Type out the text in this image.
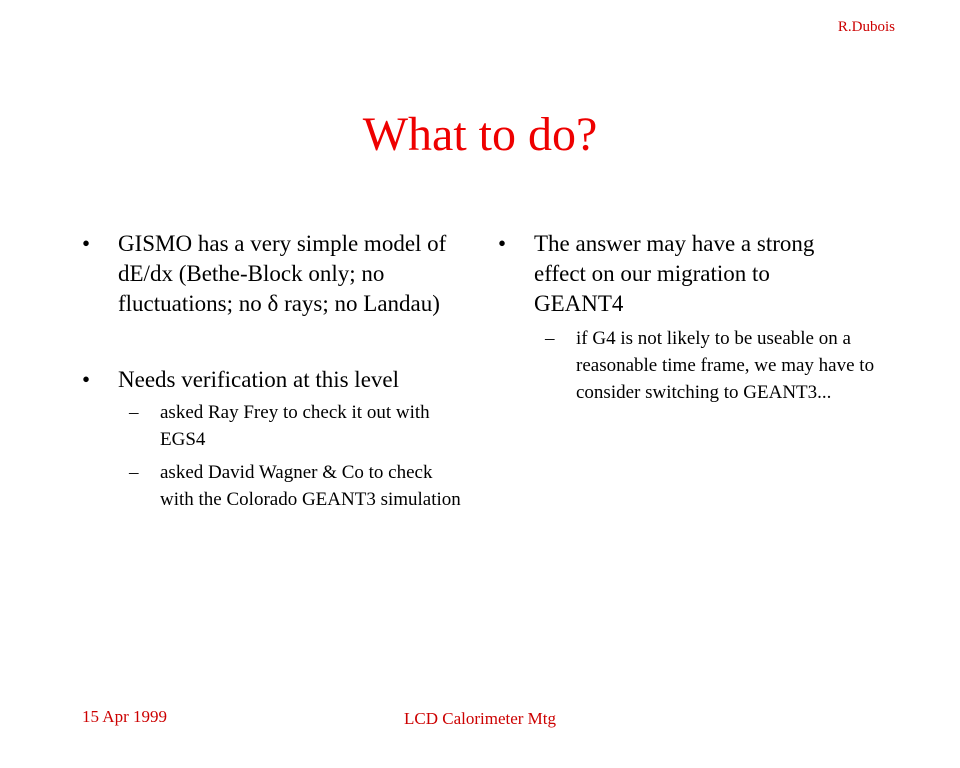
R.Dubois
What to do?
•	GISMO has a very simple model of dE/dx (Bethe-Block only; no fluctuations; no δ rays; no Landau)
•	Needs verification at this level
– asked Ray Frey to check it out with EGS4
– asked David Wagner & Co to check with the Colorado GEANT3 simulation
•	The answer may have a strong effect on our migration to GEANT4
– if G4 is not likely to be useable on a reasonable time frame, we may have to consider switching to GEANT3...
15 Apr 1999	LCD Calorimeter Mtg
